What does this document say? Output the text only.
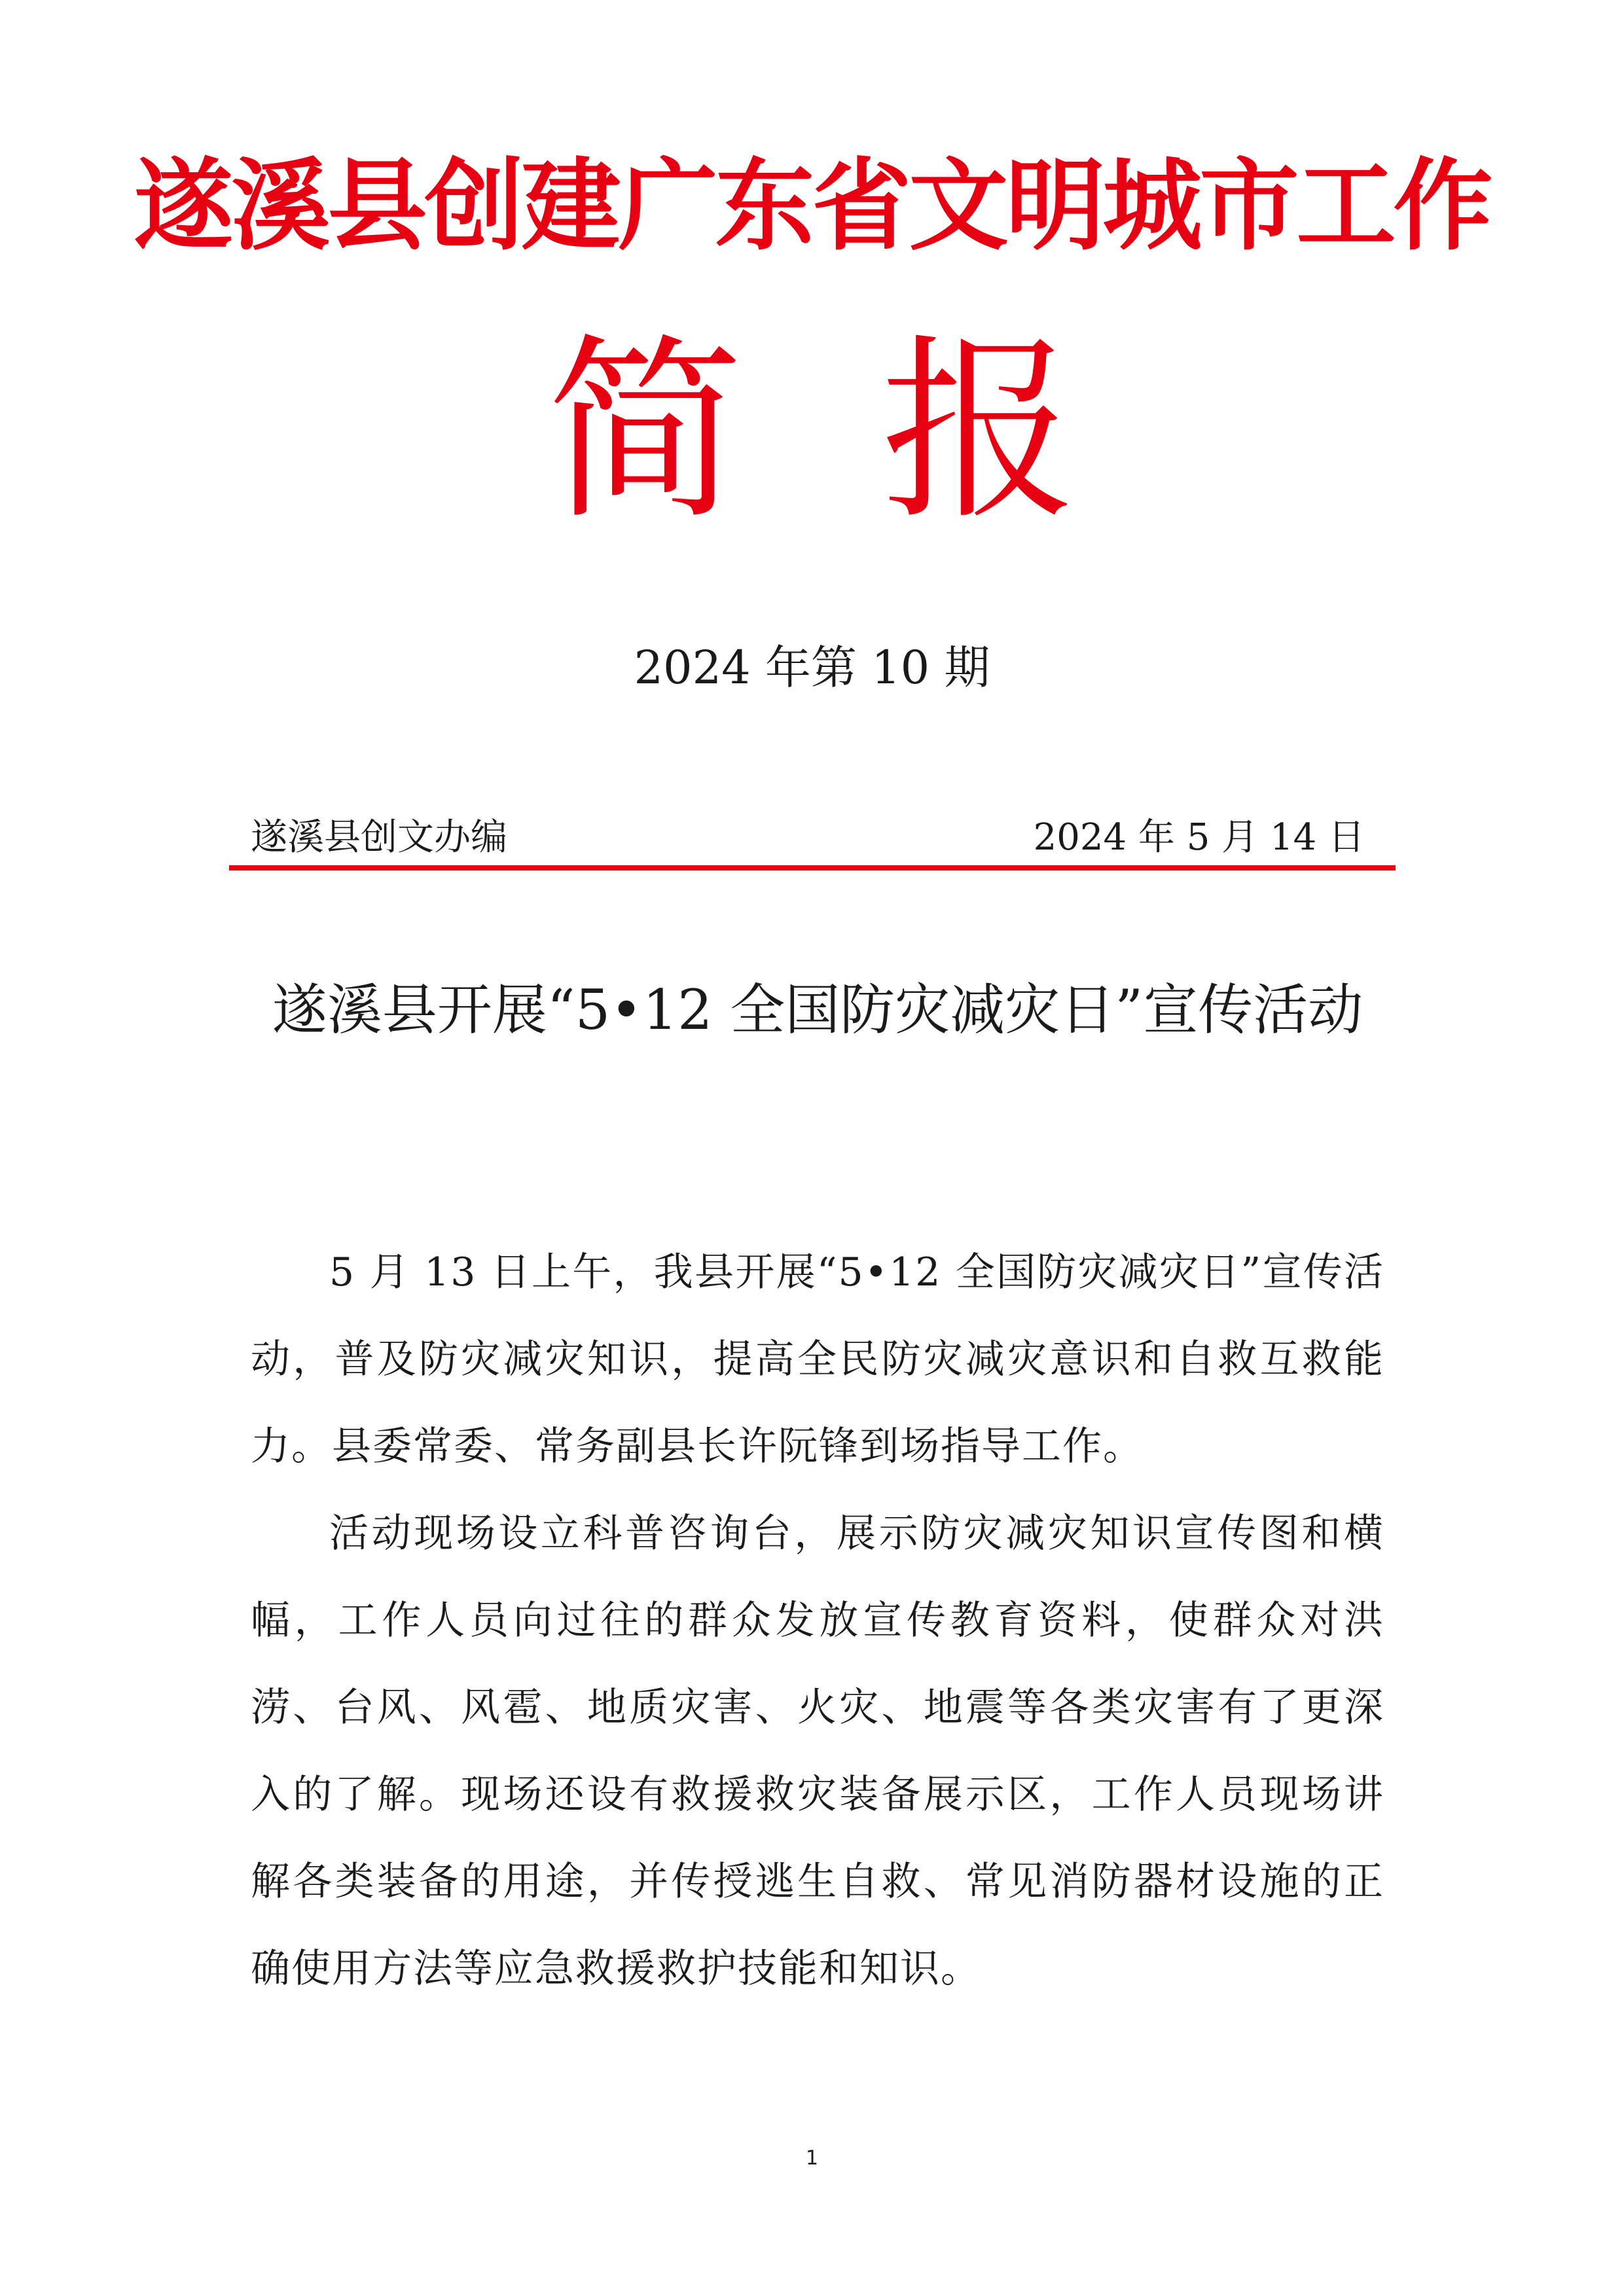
遂溪县创建广东省文明城市工作
简报
2024 年第 10 期
遂溪县创文办编	2024 年 5 月 14 日
遂溪县开展“5•12 全国防灾减灾日”宣传活动

5 月 13 日上午，我县开展“5•12 全国防灾减灾日”宣传活动，普及防灾减灾知识，提高全民防灾减灾意识和自救互救能力。县委常委、常务副县长许阮锋到场指导工作。

活动现场设立科普咨询台，展示防灾减灾知识宣传图和横幅，工作人员向过往的群众发放宣传教育资料，使群众对洪涝、台风、风雹、地质灾害、火灾、地震等各类灾害有了更深入的了解。现场还设有救援救灾装备展示区，工作人员现场讲解各类装备的用途，并传授逃生自救、常见消防器材设施的正确使用方法等应急救援救护技能和知识。

1
